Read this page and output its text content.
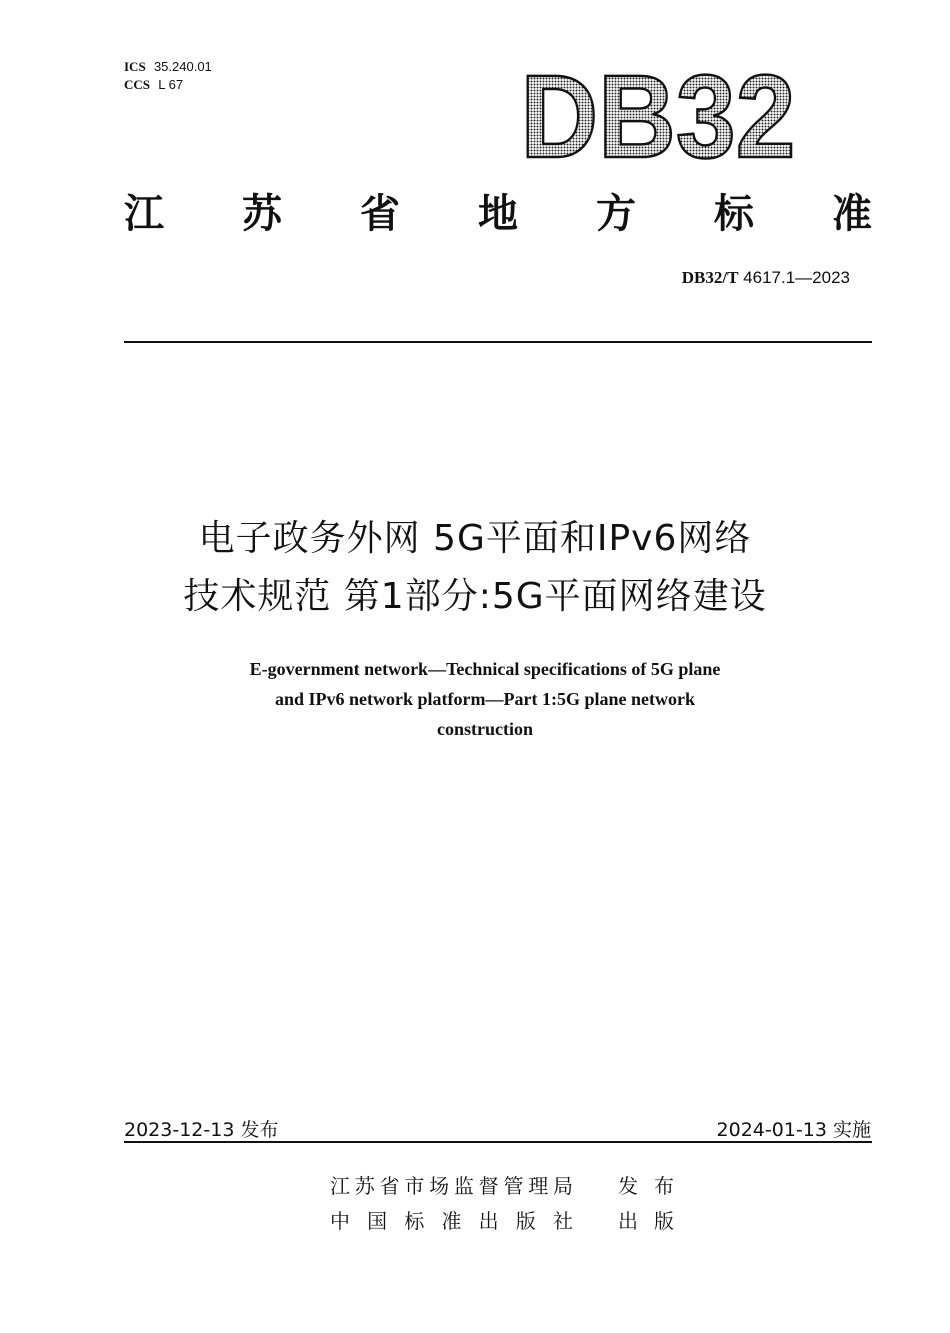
ICS 35.240.01
CCS L 67	DB32
江 苏 省 地 方 标 准
DB32/T 4617.1—2023
电子政务外网 5G平面和IPv6网络
技术规范 第1部分:5G平面网络建设
E-government network—Technical specifications of 5G plane
and IPv6 network platform—Part 1:5G plane network
construction
2023-12-13 发布	2024-01-13 实施
江苏省市场监督管理局 发布
中国标准出版社 出版
